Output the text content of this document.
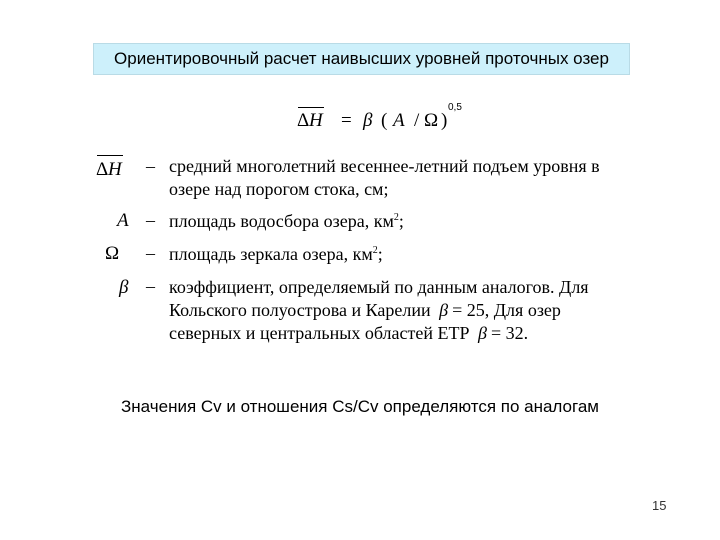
Ориентировочный расчет наивысших уровней проточных озер
Δ H = β ( A / Ω )
0,5
Δ H – средний многолетний весеннее-летний подъем уровня в
озере над порогом стока, см;
A – площадь водосбора озера, $км^2$;
Ω – площадь зеркала озера, $км^2$;
β – коэффициент, определяемый по данным аналогов. Для
Кольского полуострова и Карелии β = 25, Для озер
северных и центральных областей ЕТР β = 32.
Значения Cv и отношения Cs/Cv определяются по аналогам
15
